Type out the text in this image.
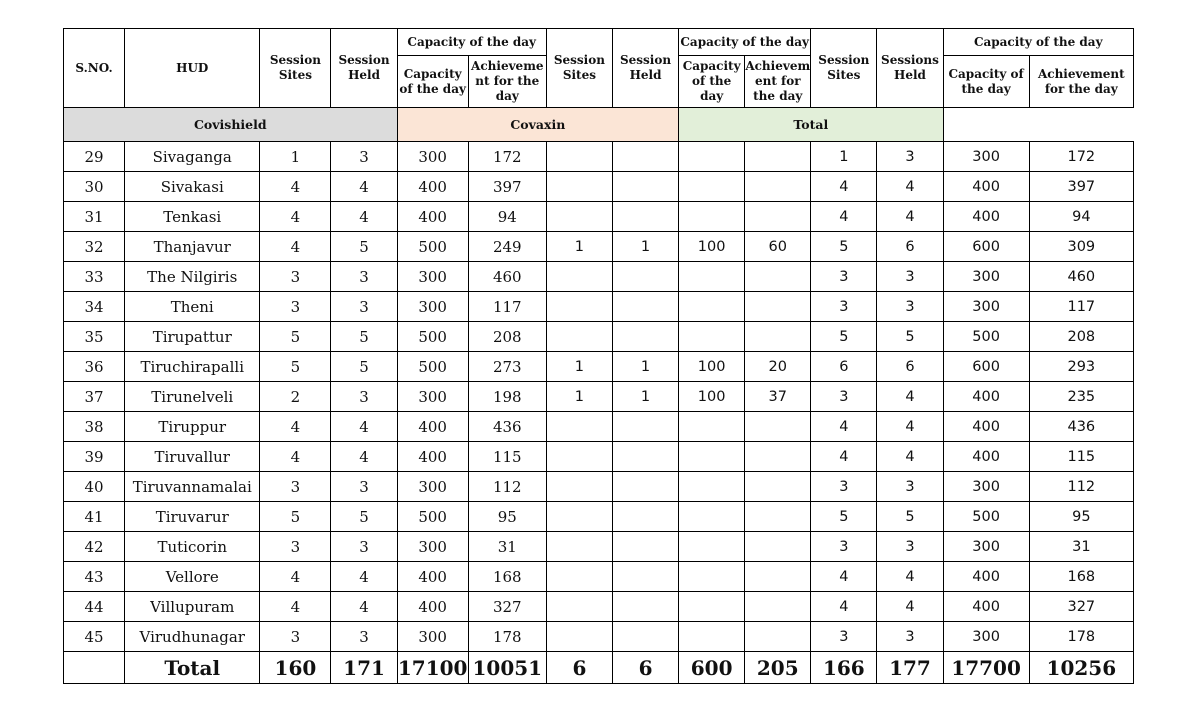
S.NO.	HUD	Session Sites	Session Held	Capacity of the day		Session Sites	Session Held	Capacity of the day		Session Sites	Sessions Held	Capacity of the day	
				Capacity of the day	Achieveme nt for the day			Capacity of the day	Achievem ent for the day			Capacity of the day	Achievement for the day
Covishield				Covaxin				Total					
29	Sivaganga	1	3	300	172					1	3	300	172
30	Sivakasi	4	4	400	397					4	4	400	397
31	Tenkasi	4	4	400	94					4	4	400	94
32	Thanjavur	4	5	500	249	1	1	100	60	5	6	600	309
33	The Nilgiris	3	3	300	460					3	3	300	460
34	Theni	3	3	300	117					3	3	300	117
35	Tirupattur	5	5	500	208					5	5	500	208
36	Tiruchirapalli	5	5	500	273	1	1	100	20	6	6	600	293
37	Tirunelveli	2	3	300	198	1	1	100	37	3	4	400	235
38	Tiruppur	4	4	400	436					4	4	400	436
39	Tiruvallur	4	4	400	115					4	4	400	115
40	Tiruvannamalai	3	3	300	112					3	3	300	112
41	Tiruvarur	5	5	500	95					5	5	500	95
42	Tuticorin	3	3	300	31					3	3	300	31
43	Vellore	4	4	400	168					4	4	400	168
44	Villupuram	4	4	400	327					4	4	400	327
45	Virudhunagar	3	3	300	178					3	3	300	178
	Total	160	171	17100	10051	6	6	600	205	166	177	17700	10256
